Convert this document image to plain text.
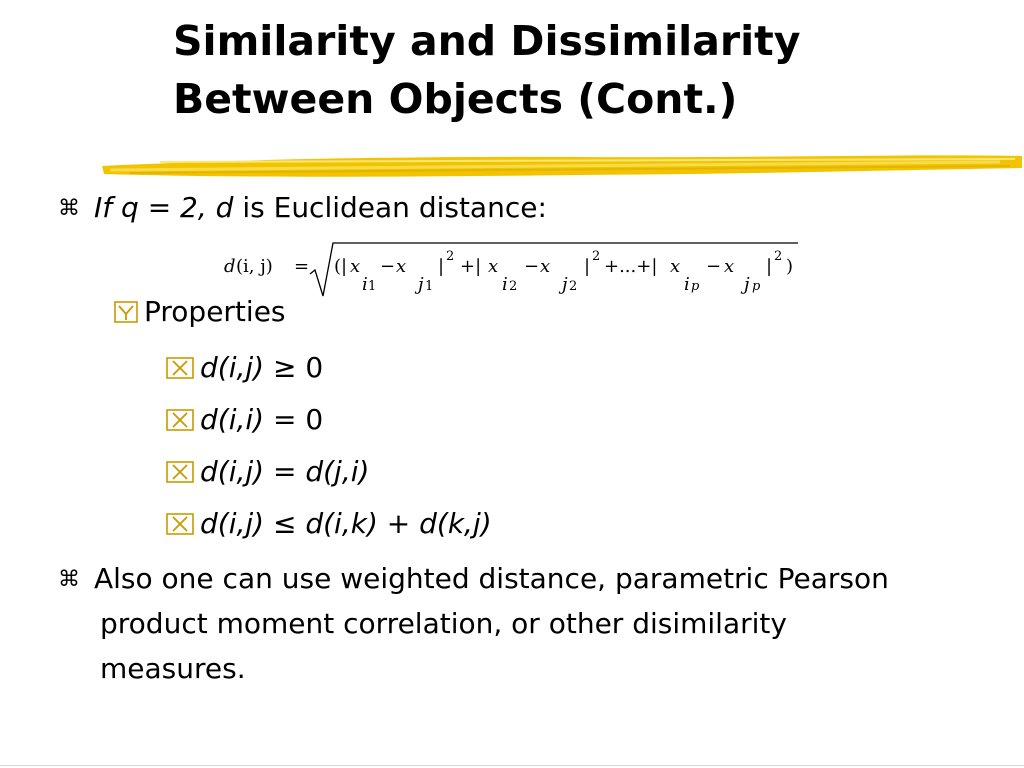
Similarity and Dissimilarity
Between Objects (Cont.)
⌘ If q = 2, d is Euclidean distance:
d (i, j) = (| x
i 1
− x
j 1
| 2 +| x
i 2
− x
j 2
| 2 +...+| x
i p
− x
j p
| 2 )
Properties
d(i,j) ≥ 0
d(i,i) = 0
d(i,j) = d(j,i)
d(i,j) ≤ d(i,k) + d(k,j)
⌘ Also one can use weighted distance, parametric Pearson
product moment correlation, or other disimilarity
measures.
